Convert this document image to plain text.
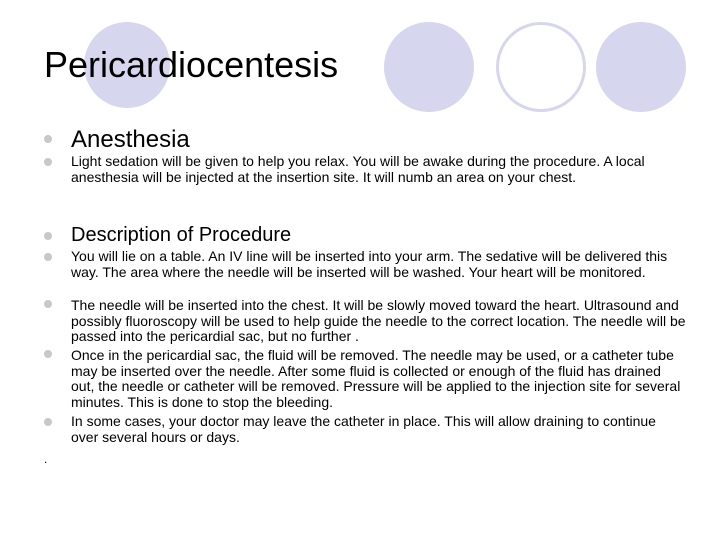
Pericardiocentesis
Anesthesia
Light sedation will be given to help you relax. You will be awake during the procedure. A local anesthesia will be injected at the insertion site. It will numb an area on your chest.
Description of Procedure
You will lie on a table. An IV line will be inserted into your arm. The sedative will be delivered this way. The area where the needle will be inserted will be washed. Your heart will be monitored.
The needle will be inserted into the chest. It will be slowly moved toward the heart. Ultrasound and possibly fluoroscopy will be used to help guide the needle to the correct location. The needle will be passed into the pericardial sac, but no further .
Once in the pericardial sac, the fluid will be removed. The needle may be used, or a catheter tube may be inserted over the needle. After some fluid is collected or enough of the fluid has drained out, the needle or catheter will be removed. Pressure will be applied to the injection site for several minutes. This is done to stop the bleeding.
In some cases, your doctor may leave the catheter in place. This will allow draining to continue over several hours or days.
.
